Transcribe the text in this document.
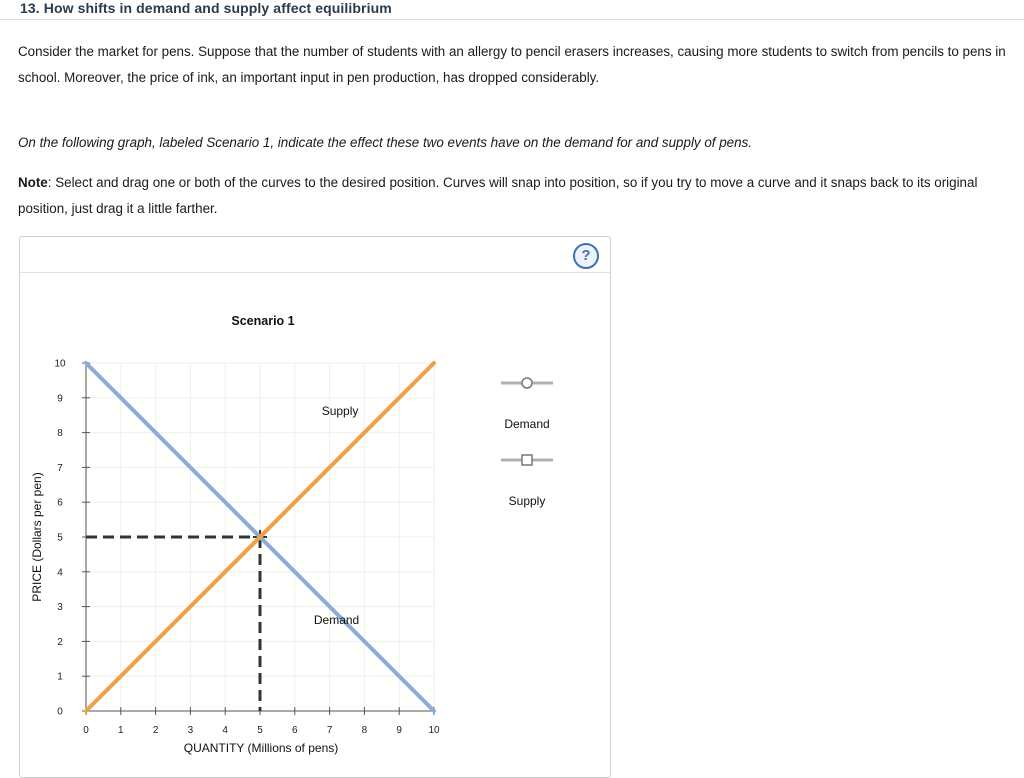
13. How shifts in demand and supply affect equilibrium
Consider the market for pens. Suppose that the number of students with an allergy to pencil erasers increases, causing more students to switch from pencils to pens in school. Moreover, the price of ink, an important input in pen production, has dropped considerably.
On the following graph, labeled Scenario 1, indicate the effect these two events have on the demand for and supply of pens.
Note: Select and drag one or both of the curves to the desired position. Curves will snap into position, so if you try to move a curve and it snaps back to its original position, just drag it a little farther.
?
0	1	2	3	4	5	6	7	8	9	10
0
1
2
3
4
5
6
7
8
9
10
Demand
Supply
Scenario 1
QUANTITY (Millions of pens)
PRICE (Dollars per pen)
Demand
Supply
